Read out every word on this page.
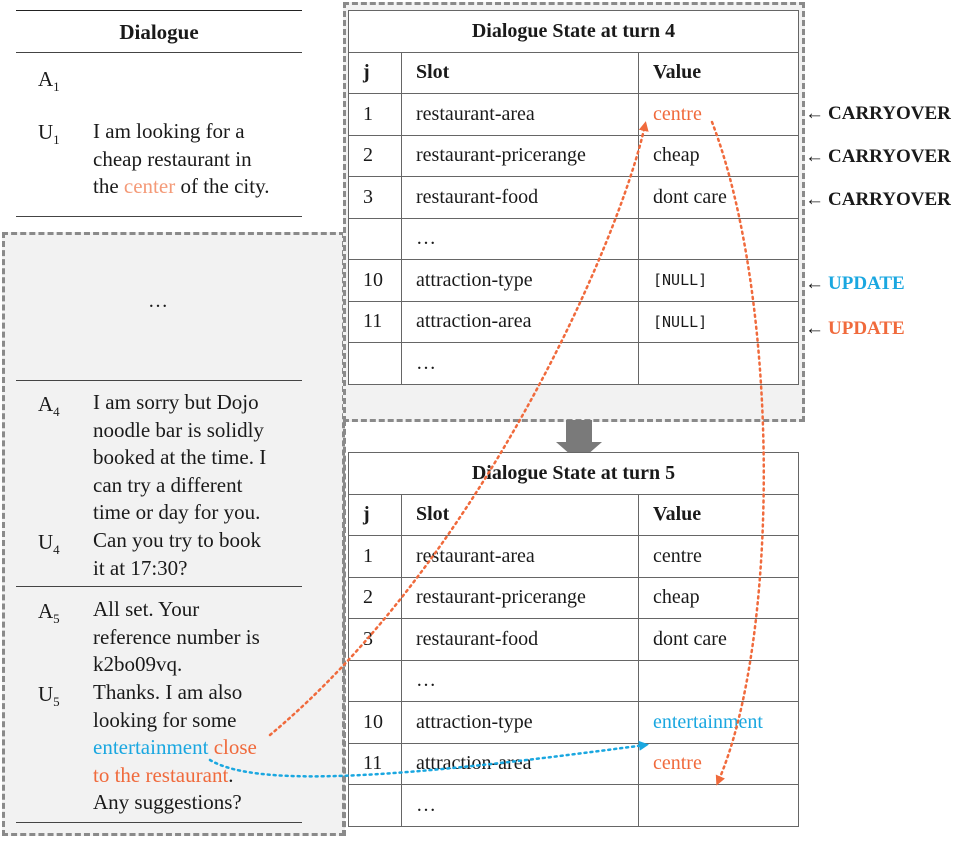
Dialogue
$A_1$
$U_1$ I am looking for a
cheap restaurant in
the center of the city.
…
$A_4$ I am sorry but Dojo
noodle bar is solidly
booked at the time. I
can try a different
time or day for you.
$U_4$ Can you try to book
it at 17:30?
$A_5$ All set. Your
reference number is
k2bo09vq.
$U_5$ Thanks. I am also
looking for some
entertainment close
to the restaurant.
Any suggestions?
Dialogue State at turn 4		
j	Slot	Value
1	restaurant-area	centre
2	restaurant-pricerange	cheap
3	restaurant-food	dont care
	…	
10	attraction-type	[NULL]
11	attraction-area	[NULL]
	…	
← CARRYOVER
← CARRYOVER
← CARRYOVER
← UPDATE
← UPDATE
Dialogue State at turn 5		
j	Slot	Value
1	restaurant-area	centre
2	restaurant-pricerange	cheap
3	restaurant-food	dont care
	…	
10	attraction-type	entertainment
11	attraction-area	centre
	…	
